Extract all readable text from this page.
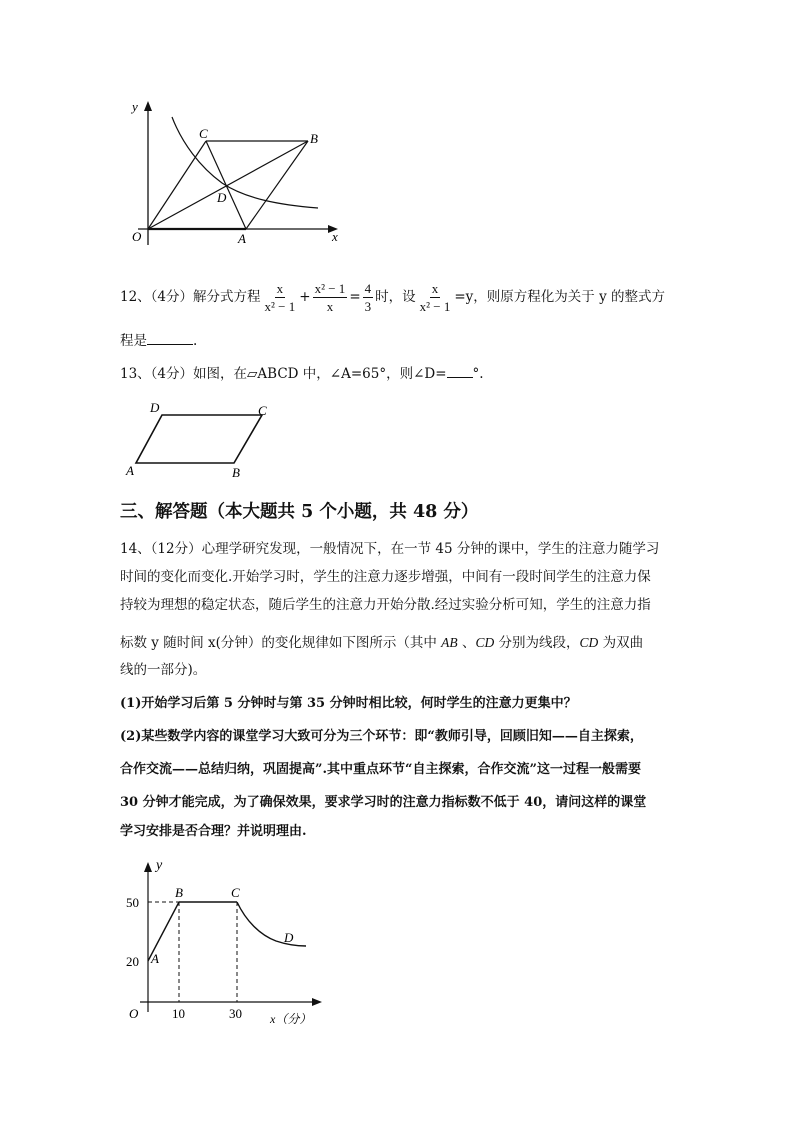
y
x
O	A
B
C
D
12、（4分）解分式方程 $\frac{x}{\text{x² − 1}} + \frac{\text{x² − 1}}{x} = \frac{4}{3}$ 时，设 $\frac{x}{\text{x² − 1}} =y$，则原方程化为关于 y 的整式方
程是	.
13、（4分）如图，在▱ABCD 中，∠A=65°，则∠D= °.
A	B
C
D
三、解答题（本大题共 5 个小题，共 48 分）
14、（12分）心理学研究发现，一般情况下，在一节 45 分钟的课中，学生的注意力随学习
时间的变化而变化.开始学习时，学生的注意力逐步增强，中间有一段时间学生的注意力保
持较为理想的稳定状态，随后学生的注意力开始分散.经过实验分析可知，学生的注意力指
标数 y 随时间 x(分钟）的变化规律如下图所示（其中 AB 、CD 分别为线段，CD 为双曲
线的一部分)。
(1)开始学习后第 5 分钟时与第 35 分钟时相比较，何时学生的注意力更集中？
(2)某些数学内容的课堂学习大致可分为三个环节：即“教师引导，回顾旧知——自主探索，
合作交流——总结归纳，巩固提高”.其中重点环节“自主探索，合作交流”这一过程一般需要
30 分钟才能完成，为了确保效果，要求学习时的注意力指标数不低于 40，请问这样的课堂
学习安排是否合理？并说明理由.
y
O
50
20
10	30 x（分）
A
B	C
D
